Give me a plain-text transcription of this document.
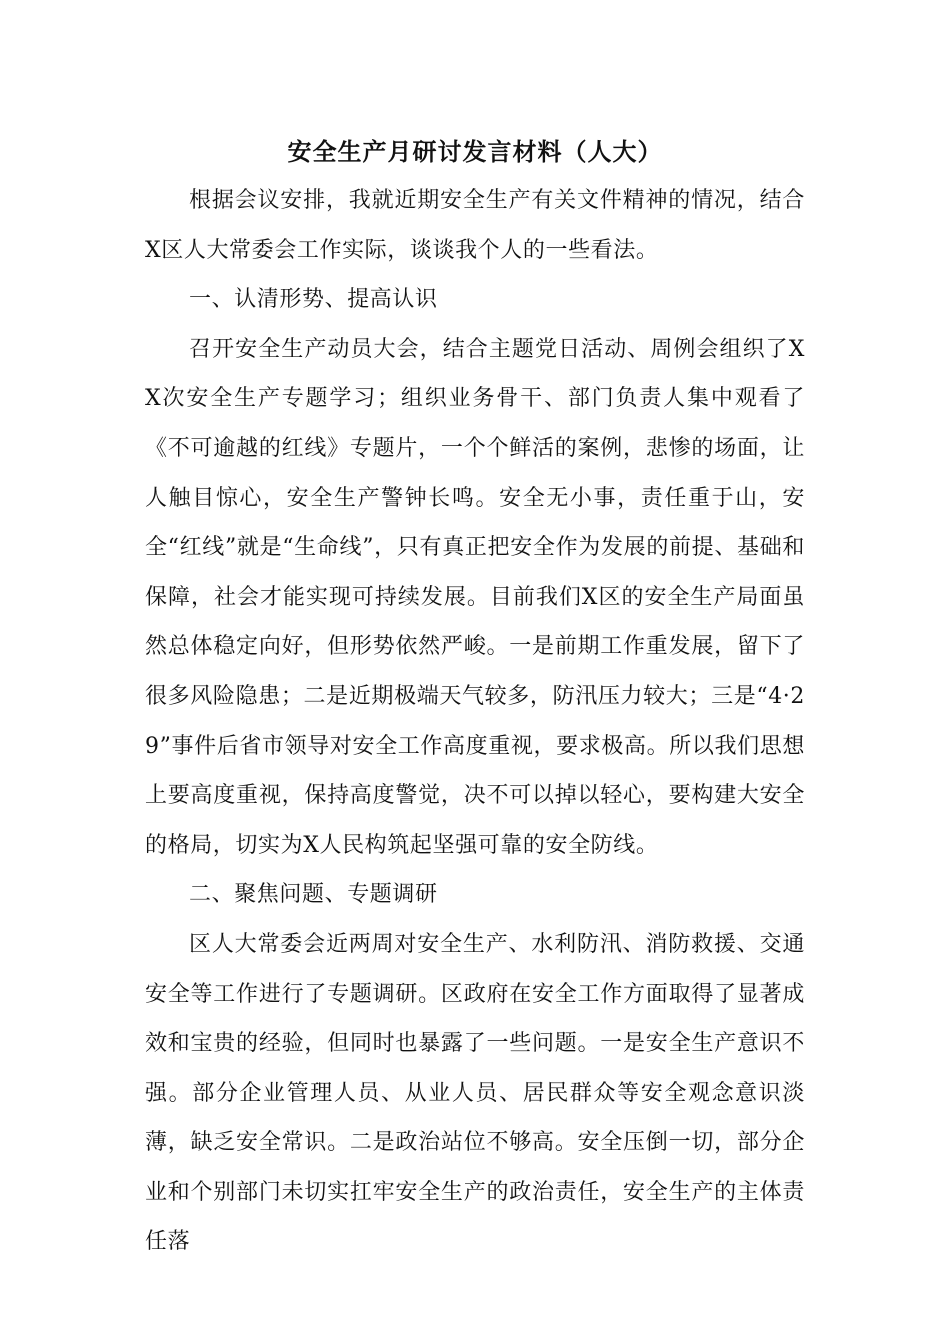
安全生产月研讨发言材料（人大）

根据会议安排，我就近期安全生产有关文件精神的情况，结合X区人大常委会工作实际，谈谈我个人的一些看法。

一、认清形势、提高认识

召开安全生产动员大会，结合主题党日活动、周例会组织了XX次安全生产专题学习；组织业务骨干、部门负责人集中观看了《不可逾越的红线》专题片，一个个鲜活的案例，悲惨的场面，让人触目惊心，安全生产警钟长鸣。安全无小事，责任重于山，安全“红线”就是“生命线”，只有真正把安全作为发展的前提、基础和保障，社会才能实现可持续发展。目前我们X区的安全生产局面虽然总体稳定向好，但形势依然严峻。一是前期工作重发展，留下了很多风险隐患；二是近期极端天气较多，防汛压力较大；三是“4·29”事件后省市领导对安全工作高度重视，要求极高。所以我们思想上要高度重视，保持高度警觉，决不可以掉以轻心，要构建大安全的格局，切实为X人民构筑起坚强可靠的安全防线。

二、聚焦问题、专题调研

区人大常委会近两周对安全生产、水利防汛、消防救援、交通安全等工作进行了专题调研。区政府在安全工作方面取得了显著成效和宝贵的经验，但同时也暴露了一些问题。一是安全生产意识不强。部分企业管理人员、从业人员、居民群众等安全观念意识淡薄，缺乏安全常识。二是政治站位不够高。安全压倒一切，部分企业和个别部门未切实扛牢安全生产的政治责任，安全生产的主体责任落
